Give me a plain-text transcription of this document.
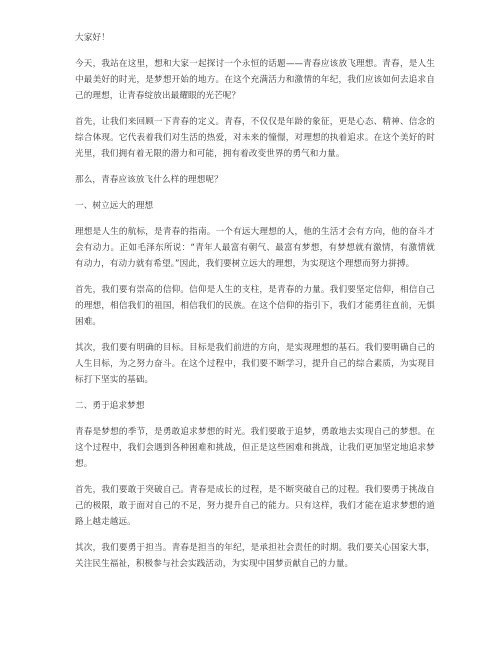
大家好！

今天，我站在这里，想和大家一起探讨一个永恒的话题——青春应该放飞理想。青春，是人生中最美好的时光，是梦想开始的地方。在这个充满活力和激情的年纪，我们应该如何去追求自己的理想，让青春绽放出最耀眼的光芒呢？

首先，让我们来回顾一下青春的定义。青春，不仅仅是年龄的象征，更是心态、精神、信念的综合体现。它代表着我们对生活的热爱，对未来的憧憬，对理想的执着追求。在这个美好的时光里，我们拥有着无限的潜力和可能，拥有着改变世界的勇气和力量。

那么，青春应该放飞什么样的理想呢？

一、树立远大的理想

理想是人生的航标，是青春的指南。一个有远大理想的人，他的生活才会有方向，他的奋斗才会有动力。正如毛泽东所说：“青年人最富有朝气、最富有梦想，有梦想就有激情，有激情就有动力，有动力就有希望。”因此，我们要树立远大的理想，为实现这个理想而努力拼搏。

首先，我们要有崇高的信仰。信仰是人生的支柱，是青春的力量。我们要坚定信仰，相信自己的理想，相信我们的祖国，相信我们的民族。在这个信仰的指引下，我们才能勇往直前，无惧困难。

其次，我们要有明确的目标。目标是我们前进的方向，是实现理想的基石。我们要明确自己的人生目标，为之努力奋斗。在这个过程中，我们要不断学习，提升自己的综合素质，为实现目标打下坚实的基础。

二、勇于追求梦想

青春是梦想的季节，是勇敢追求梦想的时光。我们要敢于追梦，勇敢地去实现自己的梦想。在这个过程中，我们会遇到各种困难和挑战，但正是这些困难和挑战，让我们更加坚定地追求梦想。

首先，我们要敢于突破自己。青春是成长的过程，是不断突破自己的过程。我们要勇于挑战自己的极限，敢于面对自己的不足，努力提升自己的能力。只有这样，我们才能在追求梦想的道路上越走越远。

其次，我们要勇于担当。青春是担当的年纪，是承担社会责任的时期。我们要关心国家大事，关注民生福祉，积极参与社会实践活动，为实现中国梦贡献自己的力量。
